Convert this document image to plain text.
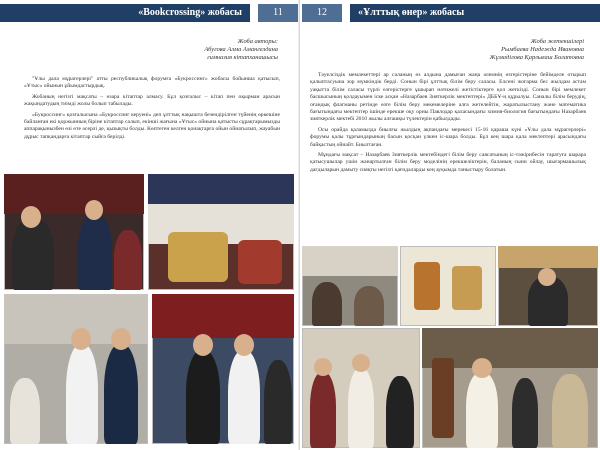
«Bookcrossing» жобасы	11
Жоба авторы:
Абугова Алма Амангелдина
гимназия кітапханашысы

"Ұлы дала мұрагерлері" атты республикалық форумға «Букроссинг» жобасы бойынша қатысып, «Ұтыс» ойынын ұйымдастырдық.

Жобаның негізгі мақсаты – өзара кітаптар алмасу. Бұл қозғалыс – кітап пен оқырман арасын жақындатудың тиімді жолы болып табылады.

«Букроссинг» қозғалысына «Букроссинг керуені» деп ұлттық нақышта безендірілген түйенің өркешіне байланған екі қоржынның біріне кітаптар салып, екінші жағына «Ұтыс» ойнына қатысты сұрақтарымызды аппарақынызбен өзі өте әсерлі де, қызықты болды. Көптеген келген қонақтарға ойын ойнатылып, жауабын дұрыс тапқандарға кітаптар сыйға берілді.

12	«Ұлттық өнер» жобасы
Жоба жетекшілері
Рымбаева Надежда Ивановна
Жұмаділова Қарлығаш Болатовна

Тәуелсіздік мемлекеттері ар саланың өз алдына дамыған жаңа әлемнің өзгерістеріне бейімделе отырып қалыптасуына зор мүмкіндік берді. Сонын бірі ұлттық білім беру саласы. Елсені жоғарма бес жылдам астам уақытта білім саласы түрлі өзгерістерге ұшырап нәтижелі жетістіктерге қол жеткізді. Сонын бірі мемлекет басшысының қолдауымен іске асқан «Назарбаев Зияткерлік мектептері» ДББҰ-ң құрылуы. Саналы білім берудің, оғандық флагманы ретінде өзге білім беру мекемелеріне алға жетелейтін, жаратылыстану және математика бағытындағы мектептер ішінде ерекше оқу орны Павлодар қаласындағы химия-биология бағытындағы Назарбаев зияткерлік мектебі 2010 жылы алғашқы түлектерін қабылдады.

Осы орайда қаламызда биылғы жылдың ақпандағы мерекесі 15-16 қараша күні «Ұлы дала мұрагерлері» форумы қалы тұрғындарының басын қосқан үлкен іс-шара болды. Бұл кең шара қала мектептері арасындағы байқастың ойнайт. Биылтаған.

Мұндағы мақсат – Назарбаев Зияткерлік мектебіндегі білім беру саясатының іс-тәжірибесін таратуға шарара қатысушылар ушін жанартылған білім беру моделінің ерекшеліктерін, баланың сыни ойлау, шығармашылық дағдыларын дамыту сияқты негізгі қағидаларды кең ауқымда таныстыру болатын.
